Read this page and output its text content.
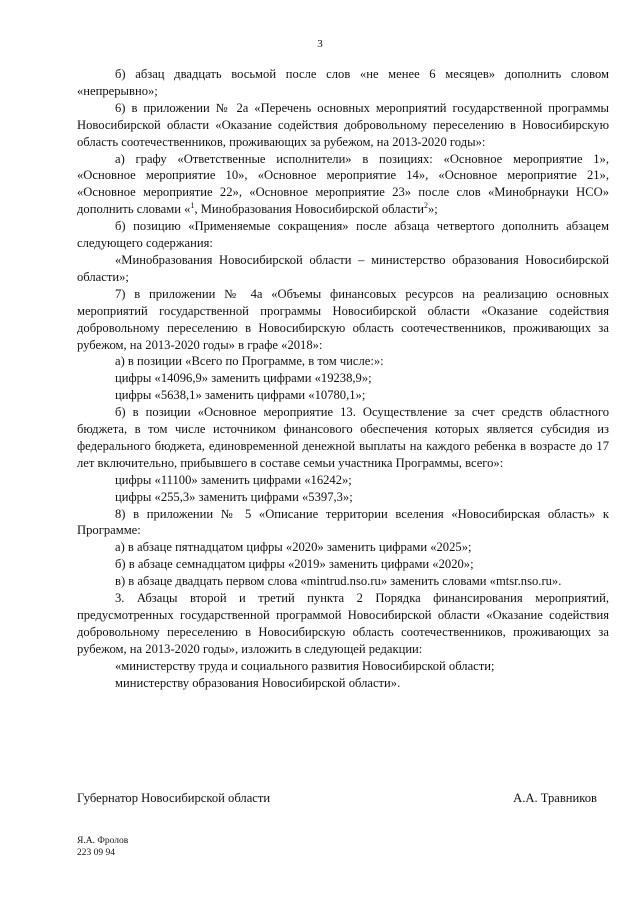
3

б) абзац двадцать восьмой после слов «не менее 6 месяцев» дополнить словом «непрерывно»;

6) в приложении № 2а «Перечень основных мероприятий государственной программы Новосибирской области «Оказание содействия добровольному переселению в Новосибирскую область соотечественников, проживающих за рубежом, на 2013-2020 годы»:

а) графу «Ответственные исполнители» в позициях: «Основное мероприятие 1», «Основное мероприятие 10», «Основное мероприятие 14», «Основное мероприятие 21», «Основное мероприятие 22», «Основное мероприятие 23» после слов «Минобрнауки НСО» дополнить словами «$^1$, Минобразования Новосибирской области$^2$»;

б) позицию «Применяемые сокращения» после абзаца четвертого дополнить абзацем следующего содержания:

«Минобразования Новосибирской области – министерство образования Новосибирской области»;

7) в приложении № 4а «Объемы финансовых ресурсов на реализацию основных мероприятий государственной программы Новосибирской области «Оказание содействия добровольному переселению в Новосибирскую область соотечественников, проживающих за рубежом, на 2013-2020 годы» в графе «2018»:

а) в позиции «Всего по Программе, в том числе:»:

цифры «14096,9» заменить цифрами «19238,9»;

цифры «5638,1» заменить цифрами «10780,1»;

б) в позиции «Основное мероприятие 13. Осуществление за счет средств областного бюджета, в том числе источником финансового обеспечения которых является субсидия из федерального бюджета, единовременной денежной выплаты на каждого ребенка в возрасте до 17 лет включительно, прибывшего в составе семьи участника Программы, всего»:

цифры «11100» заменить цифрами «16242»;

цифры «255,3» заменить цифрами «5397,3»;

8) в приложении № 5 «Описание территории вселения «Новосибирская область» к Программе:

а) в абзаце пятнадцатом цифры «2020» заменить цифрами «2025»;

б) в абзаце семнадцатом цифры «2019» заменить цифрами «2020»;

в) в абзаце двадцать первом слова «mintrud.nso.ru» заменить словами «mtsr.nso.ru».

3. Абзацы второй и третий пункта 2 Порядка финансирования мероприятий, предусмотренных государственной программой Новосибирской области «Оказание содействия добровольному переселению в Новосибирскую область соотечественников, проживающих за рубежом, на 2013-2020 годы», изложить в следующей редакции:

«министерству труда и социального развития Новосибирской области;

министерству образования Новосибирской области».

Губернатор Новосибирской области	А.А. Травников
Я.А. Фролов
223 09 94
